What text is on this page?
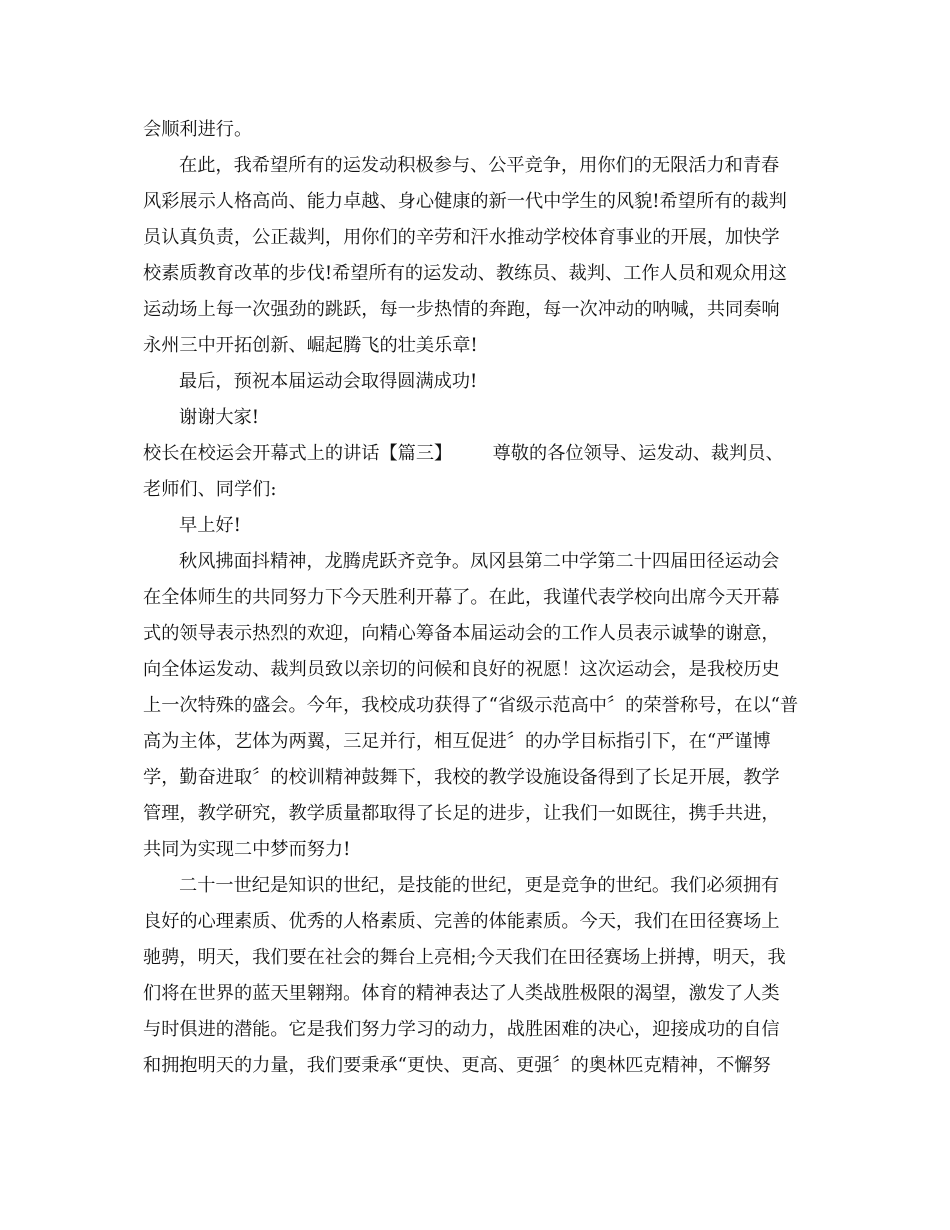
会顺利进行。
在此，我希望所有的运发动积极参与、公平竞争，用你们的无限活力和青春
风彩展示人格高尚、能力卓越、身心健康的新一代中学生的风貌!希望所有的裁判
员认真负责，公正裁判，用你们的辛劳和汗水推动学校体育事业的开展，加快学
校素质教育改革的步伐!希望所有的运发动、教练员、裁判、工作人员和观众用这
运动场上每一次强劲的跳跃，每一步热情的奔跑，每一次冲动的呐喊，共同奏响
永州三中开拓创新、崛起腾飞的壮美乐章!
最后，预祝本届运动会取得圆满成功!
谢谢大家!
校长在校运会开幕式上的讲话【篇三】       尊敬的各位领导、运发动、裁判员、
老师们、同学们:
早上好!
秋风拂面抖精神，龙腾虎跃齐竞争。凤冈县第二中学第二十四届田径运动会
在全体师生的共同努力下今天胜利开幕了。在此，我谨代表学校向出席今天开幕
式的领导表示热烈的欢迎，向精心筹备本届运动会的工作人员表示诚挚的谢意，
向全体运发动、裁判员致以亲切的问候和良好的祝愿！这次运动会，是我校历史
上一次特殊的盛会。今年，我校成功获得了“省级示范高中〞的荣誉称号，在以“普
高为主体，艺体为两翼，三足并行，相互促进〞的办学目标指引下，在“严谨博
学，勤奋进取〞的校训精神鼓舞下，我校的教学设施设备得到了长足开展，教学
管理，教学研究，教学质量都取得了长足的进步，让我们一如既往，携手共进，
共同为实现二中梦而努力!
二十一世纪是知识的世纪，是技能的世纪，更是竞争的世纪。我们必须拥有
良好的心理素质、优秀的人格素质、完善的体能素质。今天，我们在田径赛场上
驰骋，明天，我们要在社会的舞台上亮相;今天我们在田径赛场上拼搏，明天，我
们将在世界的蓝天里翱翔。体育的精神表达了人类战胜极限的渴望，激发了人类
与时俱进的潜能。它是我们努力学习的动力，战胜困难的决心，迎接成功的自信
和拥抱明天的力量，我们要秉承“更快、更高、更强〞的奥林匹克精神，不懈努
